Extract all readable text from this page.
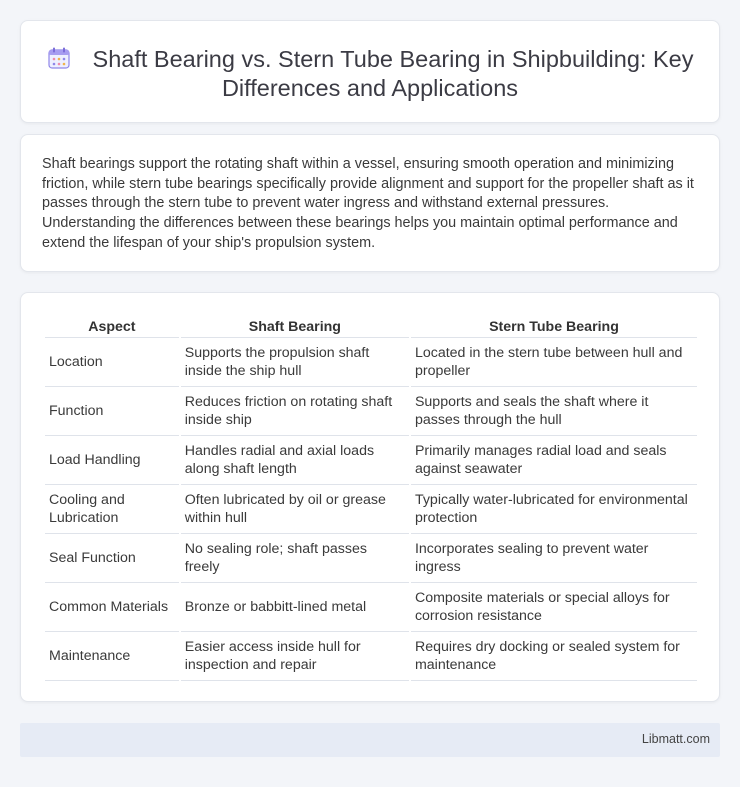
Shaft Bearing vs. Stern Tube Bearing in Shipbuilding: Key Differences and Applications

Shaft bearings support the rotating shaft within a vessel, ensuring smooth operation and minimizing friction, while stern tube bearings specifically provide alignment and support for the propeller shaft as it passes through the stern tube to prevent water ingress and withstand external pressures. Understanding the differences between these bearings helps you maintain optimal performance and extend the lifespan of your ship's propulsion system.

Aspect	Shaft Bearing	Stern Tube Bearing
Location	Supports the propulsion shaft inside the ship hull	Located in the stern tube between hull and propeller
Function	Reduces friction on rotating shaft inside ship	Supports and seals the shaft where it passes through the hull
Load Handling	Handles radial and axial loads along shaft length	Primarily manages radial load and seals against seawater
Cooling and Lubrication	Often lubricated by oil or grease within hull	Typically water-lubricated for environmental protection
Seal Function	No sealing role; shaft passes freely	Incorporates sealing to prevent water ingress
Common Materials	Bronze or babbitt-lined metal	Composite materials or special alloys for corrosion resistance
Maintenance	Easier access inside hull for inspection and repair	Requires dry docking or sealed system for maintenance
Libmatt.com
